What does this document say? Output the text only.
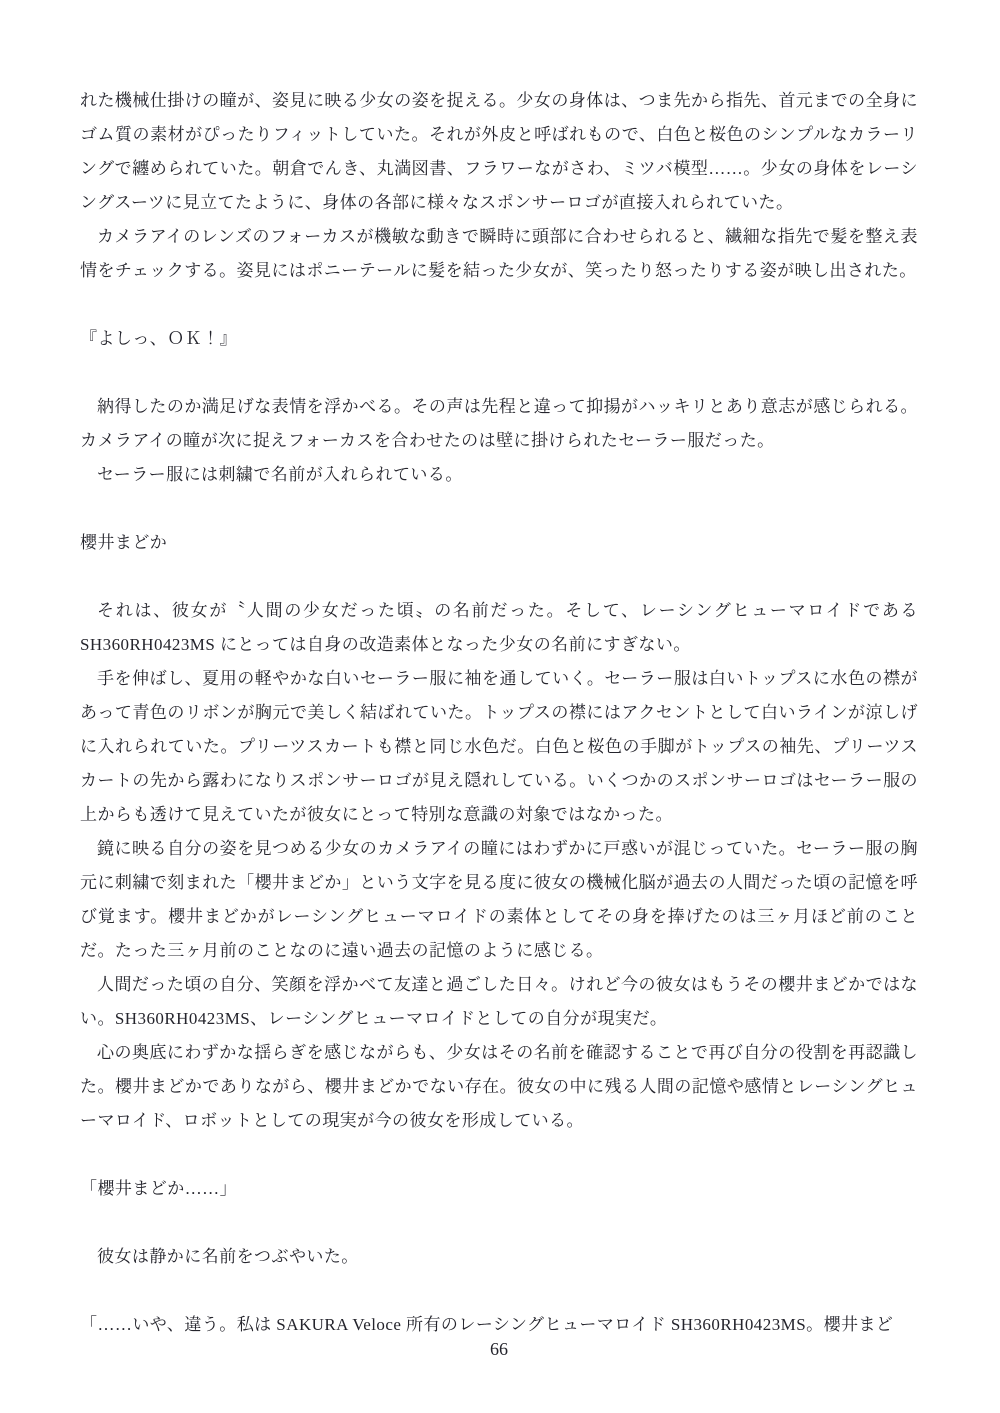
れた機械仕掛けの瞳が、姿見に映る少女の姿を捉える。少女の身体は、つま先から指先、首元までの全身にゴム質の素材がぴったりフィットしていた。それが外皮と呼ばれもので、白色と桜色のシンプルなカラーリングで纏められていた。朝倉でんき、丸満図書、フラワーながさわ、ミツバ模型……。少女の身体をレーシングスーツに見立てたように、身体の各部に様々なスポンサーロゴが直接入れられていた。
カメラアイのレンズのフォーカスが機敏な動きで瞬時に頭部に合わせられると、繊細な指先で髪を整え表情をチェックする。姿見にはポニーテールに髪を結った少女が、笑ったり怒ったりする姿が映し出された。
『よしっ、ＯＫ！』
納得したのか満足げな表情を浮かべる。その声は先程と違って抑揚がハッキリとあり意志が感じられる。カメラアイの瞳が次に捉えフォーカスを合わせたのは壁に掛けられたセーラー服だった。
セーラー服には刺繍で名前が入れられている。
櫻井まどか
それは、彼女が〝人間の少女だった頃〟の名前だった。そして、レーシングヒューマロイドであるSH360RH0423MS にとっては自身の改造素体となった少女の名前にすぎない。
手を伸ばし、夏用の軽やかな白いセーラー服に袖を通していく。セーラー服は白いトップスに水色の襟があって青色のリボンが胸元で美しく結ばれていた。トップスの襟にはアクセントとして白いラインが涼しげに入れられていた。プリーツスカートも襟と同じ水色だ。白色と桜色の手脚がトップスの袖先、プリーツスカートの先から露わになりスポンサーロゴが見え隠れしている。いくつかのスポンサーロゴはセーラー服の上からも透けて見えていたが彼女にとって特別な意識の対象ではなかった。
鏡に映る自分の姿を見つめる少女のカメラアイの瞳にはわずかに戸惑いが混じっていた。セーラー服の胸元に刺繍で刻まれた「櫻井まどか」という文字を見る度に彼女の機械化脳が過去の人間だった頃の記憶を呼び覚ます。櫻井まどかがレーシングヒューマロイドの素体としてその身を捧げたのは三ヶ月ほど前のことだ。たった三ヶ月前のことなのに遠い過去の記憶のように感じる。
人間だった頃の自分、笑顔を浮かべて友達と過ごした日々。けれど今の彼女はもうその櫻井まどかではない。SH360RH0423MS、レーシングヒューマロイドとしての自分が現実だ。
心の奥底にわずかな揺らぎを感じながらも、少女はその名前を確認することで再び自分の役割を再認識した。櫻井まどかでありながら、櫻井まどかでない存在。彼女の中に残る人間の記憶や感情とレーシングヒューマロイド、ロボットとしての現実が今の彼女を形成している。
「櫻井まどか……」
彼女は静かに名前をつぶやいた。
「……いや、違う。私は SAKURA Veloce 所有のレーシングヒューマロイド SH360RH0423MS。櫻井まど
66
